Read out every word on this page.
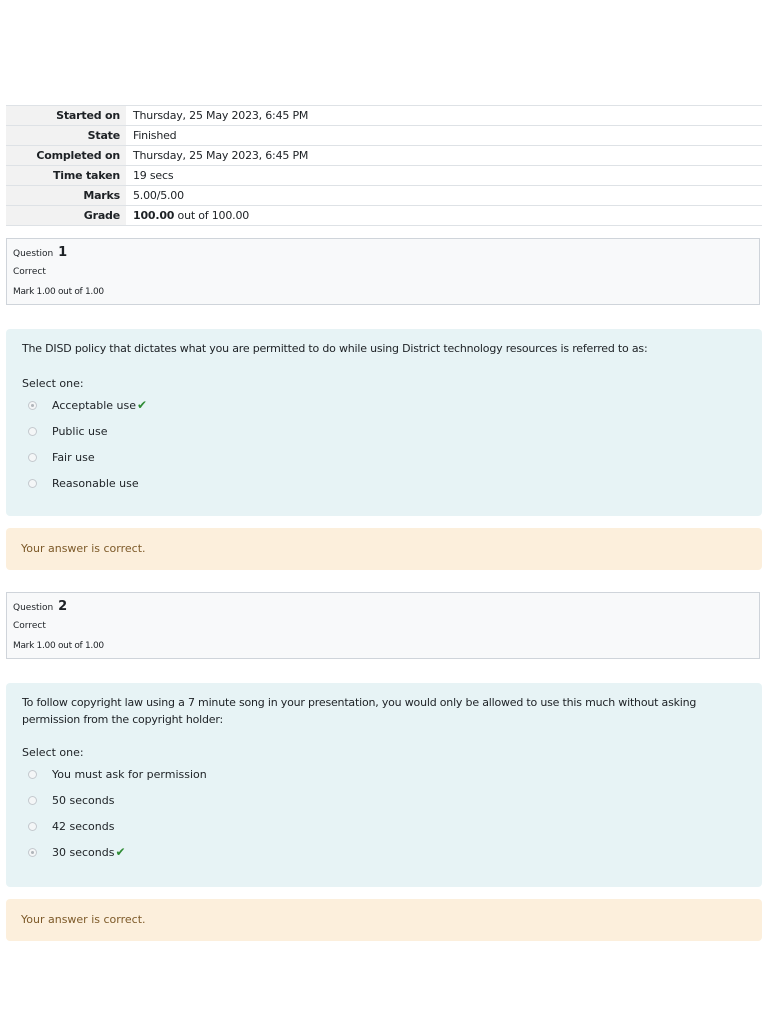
Started on	Thursday, 25 May 2023, 6:45 PM
State	Finished
Completed on	Thursday, 25 May 2023, 6:45 PM
Time taken	19 secs
Marks	5.00/5.00
Grade	100.00 out of 100.00
Question 1
Correct
Mark 1.00 out of 1.00
The DISD policy that dictates what you are permitted to do while using District technology resources is referred to as:
Select one:
Acceptable use ✔
Public use
Fair use
Reasonable use
Your answer is correct.
Question 2
Correct
Mark 1.00 out of 1.00
To follow copyright law using a 7 minute song in your presentation, you would only be allowed to use this much without asking permission from the copyright holder:
Select one:
You must ask for permission
50 seconds
42 seconds
30 seconds ✔
Your answer is correct.
